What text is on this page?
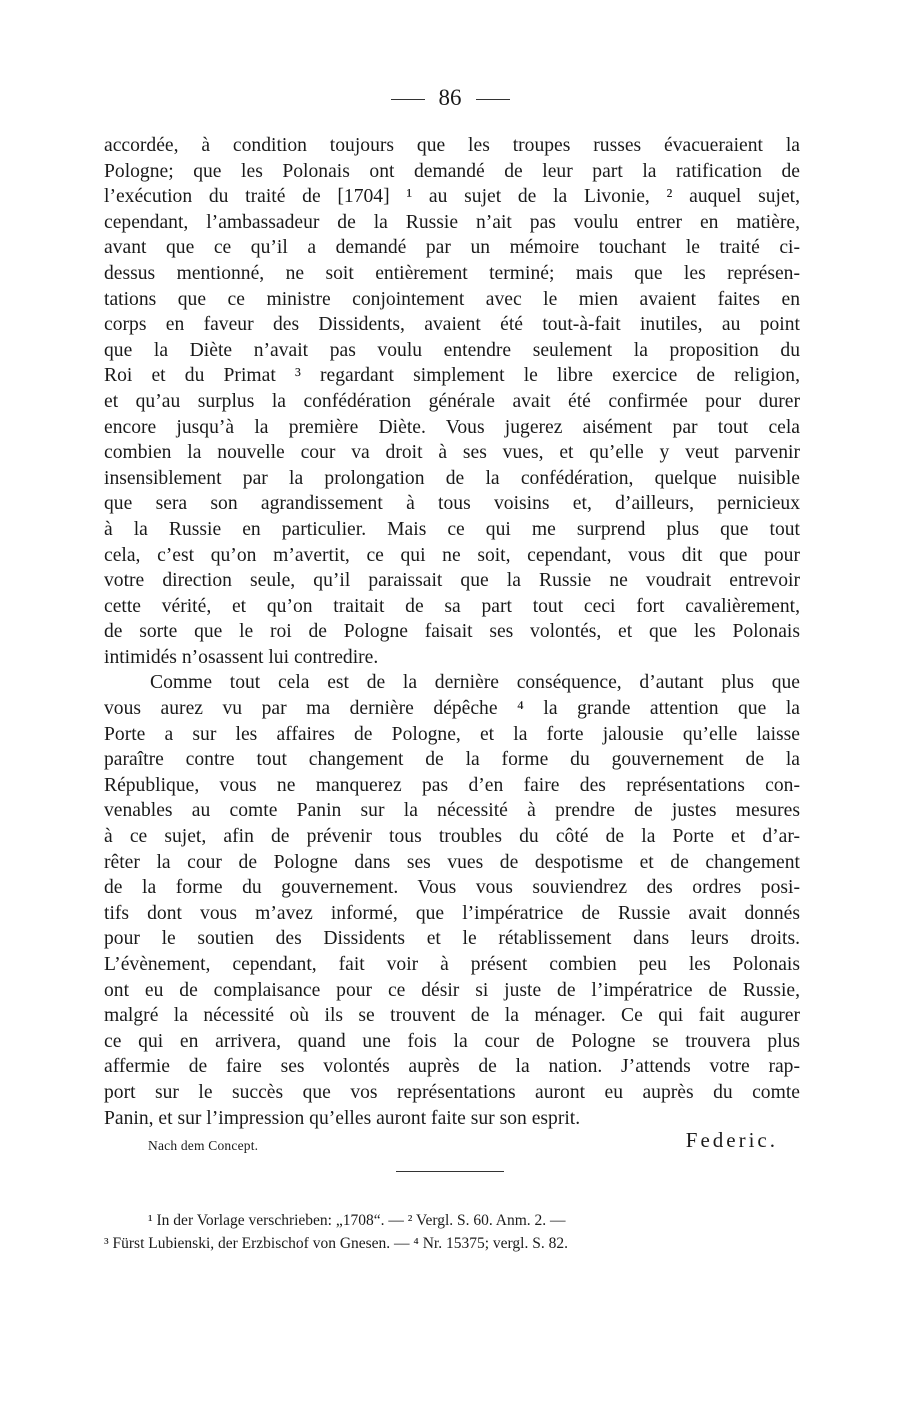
86
accordée, à condition toujours que les troupes russes évacueraient la
Pologne; que les Polonais ont demandé de leur part la ratification de
l’exécution du traité de [1704] ¹ au sujet de la Livonie, ² auquel sujet,
cependant, l’ambassadeur de la Russie n’ait pas voulu entrer en matière,
avant que ce qu’il a demandé par un mémoire touchant le traité ci-
dessus mentionné, ne soit entièrement terminé; mais que les représen-
tations que ce ministre conjointement avec le mien avaient faites en
corps en faveur des Dissidents, avaient été tout-à-fait inutiles, au point
que la Diète n’avait pas voulu entendre seulement la proposition du
Roi et du Primat ³ regardant simplement le libre exercice de religion,
et qu’au surplus la confédération générale avait été confirmée pour durer
encore jusqu’à la première Diète. Vous jugerez aisément par tout cela
combien la nouvelle cour va droit à ses vues, et qu’elle y veut parvenir
insensiblement par la prolongation de la confédération, quelque nuisible
que sera son agrandissement à tous voisins et, d’ailleurs, pernicieux
à la Russie en particulier. Mais ce qui me surprend plus que tout
cela, c’est qu’on m’avertit, ce qui ne soit, cependant, vous dit que pour
votre direction seule, qu’il paraissait que la Russie ne voudrait entrevoir
cette vérité, et qu’on traitait de sa part tout ceci fort cavalièrement,
de sorte que le roi de Pologne faisait ses volontés, et que les Polonais
intimidés n’osassent lui contredire.
Comme tout cela est de la dernière conséquence, d’autant plus que
vous aurez vu par ma dernière dépêche ⁴ la grande attention que la
Porte a sur les affaires de Pologne, et la forte jalousie qu’elle laisse
paraître contre tout changement de la forme du gouvernement de la
République, vous ne manquerez pas d’en faire des représentations con-
venables au comte Panin sur la nécessité à prendre de justes mesures
à ce sujet, afin de prévenir tous troubles du côté de la Porte et d’ar-
rêter la cour de Pologne dans ses vues de despotisme et de changement
de la forme du gouvernement. Vous vous souviendrez des ordres posi-
tifs dont vous m’avez informé, que l’impératrice de Russie avait donnés
pour le soutien des Dissidents et le rétablissement dans leurs droits.
L’évènement, cependant, fait voir à présent combien peu les Polonais
ont eu de complaisance pour ce désir si juste de l’impératrice de Russie,
malgré la nécessité où ils se trouvent de la ménager. Ce qui fait augurer
ce qui en arrivera, quand une fois la cour de Pologne se trouvera plus
affermie de faire ses volontés auprès de la nation. J’attends votre rap-
port sur le succès que vos représentations auront eu auprès du comte
Panin, et sur l’impression qu’elles auront faite sur son esprit.
Nach dem Concept.	Federic.
¹ In der Vorlage verschrieben: „1708“. — ² Vergl. S. 60. Anm. 2. —
³ Fürst Lubienski, der Erzbischof von Gnesen. — ⁴ Nr. 15375; vergl. S. 82.
